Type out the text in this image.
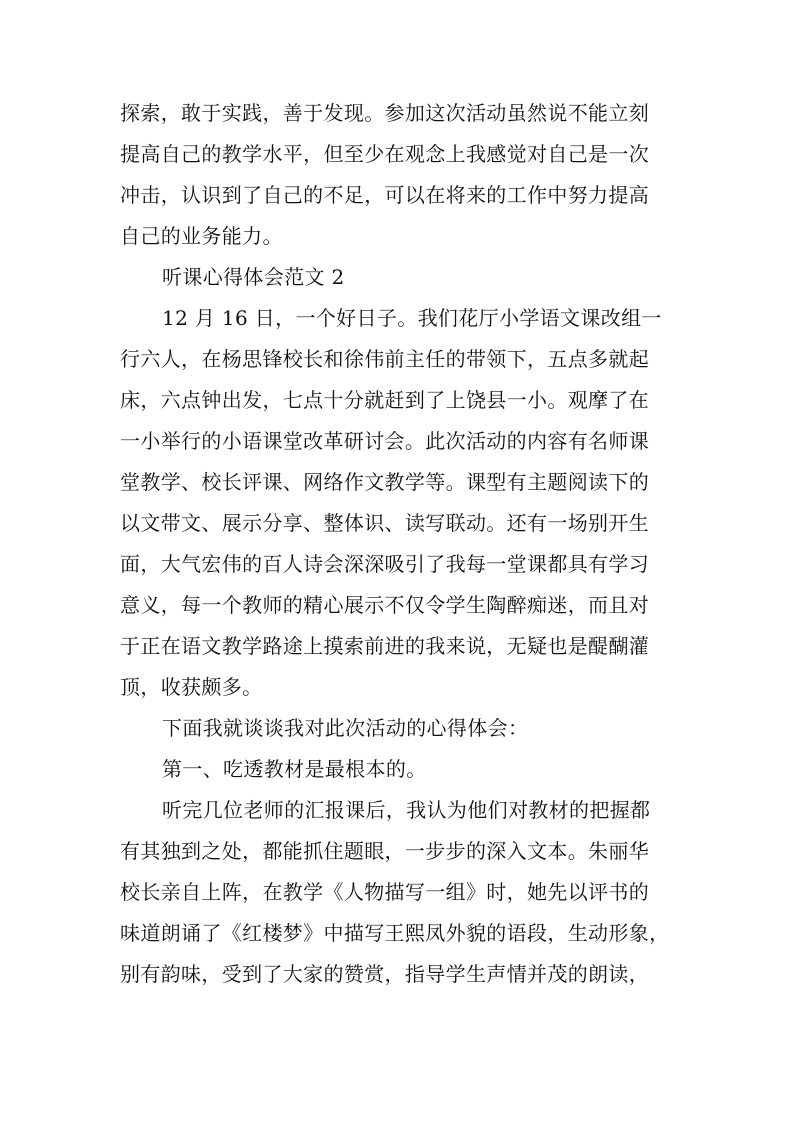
探索，敢于实践，善于发现。参加这次活动虽然说不能立刻
提高自己的教学水平，但至少在观念上我感觉对自己是一次
冲击，认识到了自己的不足，可以在将来的工作中努力提高
自己的业务能力。
听课心得体会范文 2
12 月 16 日，一个好日子。我们花厅小学语文课改组一
行六人，在杨思锋校长和徐伟前主任的带领下，五点多就起
床，六点钟出发，七点十分就赶到了上饶县一小。观摩了在
一小举行的小语课堂改革研讨会。此次活动的内容有名师课
堂教学、校长评课、网络作文教学等。课型有主题阅读下的
以文带文、展示分享、整体识、读写联动。还有一场别开生
面，大气宏伟的百人诗会深深吸引了我每一堂课都具有学习
意义，每一个教师的精心展示不仅令学生陶醉痴迷，而且对
于正在语文教学路途上摸索前进的我来说，无疑也是醍醐灌
顶，收获颇多。
下面我就谈谈我对此次活动的心得体会：
第一、吃透教材是最根本的。
听完几位老师的汇报课后，我认为他们对教材的把握都
有其独到之处，都能抓住题眼，一步步的深入文本。朱丽华
校长亲自上阵，在教学《人物描写一组》时，她先以评书的
味道朗诵了《红楼梦》中描写王熙凤外貌的语段，生动形象，
别有韵味，受到了大家的赞赏，指导学生声情并茂的朗读，
